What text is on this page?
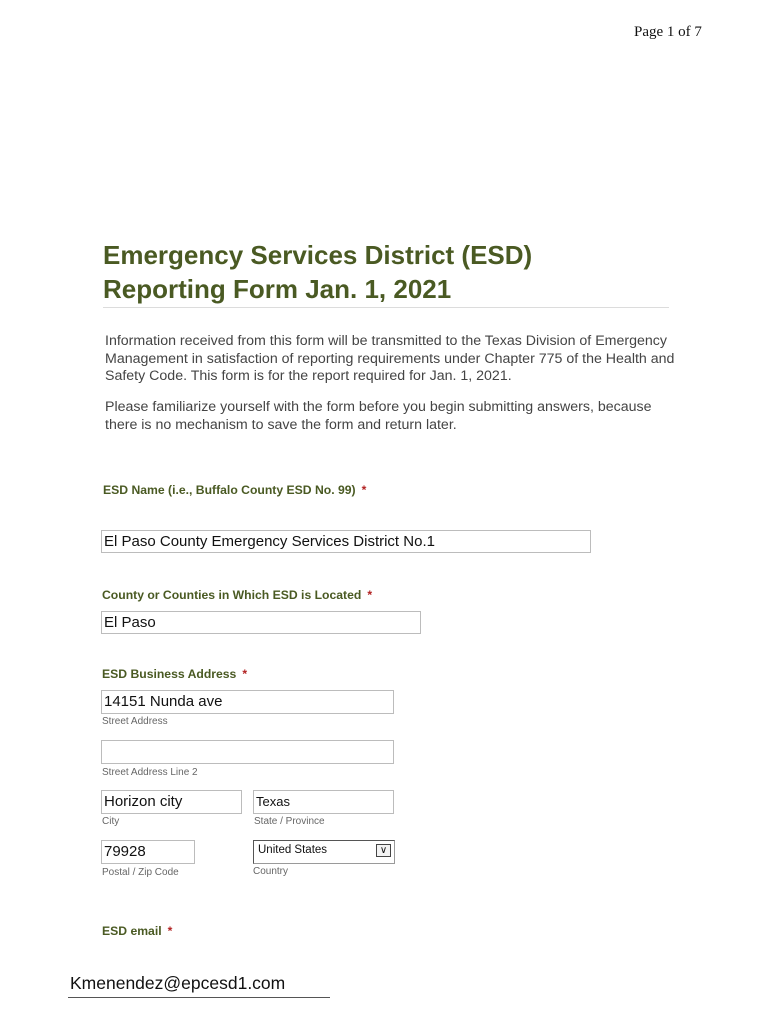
Page 1 of 7
Emergency Services District (ESD)
Reporting Form Jan. 1, 2021
Information received from this form will be transmitted to the Texas Division of Emergency Management in satisfaction of reporting requirements under Chapter 775 of the Health and Safety Code. This form is for the report required for Jan. 1, 2021.
Please familiarize yourself with the form before you begin submitting answers, because there is no mechanism to save the form and return later.
ESD Name (i.e., Buffalo County ESD No. 99) *
El Paso County Emergency Services District No.1
County or Counties in Which ESD is Located *
El Paso
ESD Business Address *
14151 Nunda ave
Street Address
Street Address Line 2
Horizon city
City
Texas
State / Province
79928
Postal / Zip Code
United States	∨
Country
ESD email *
Kmenendez@epcesd1.com
